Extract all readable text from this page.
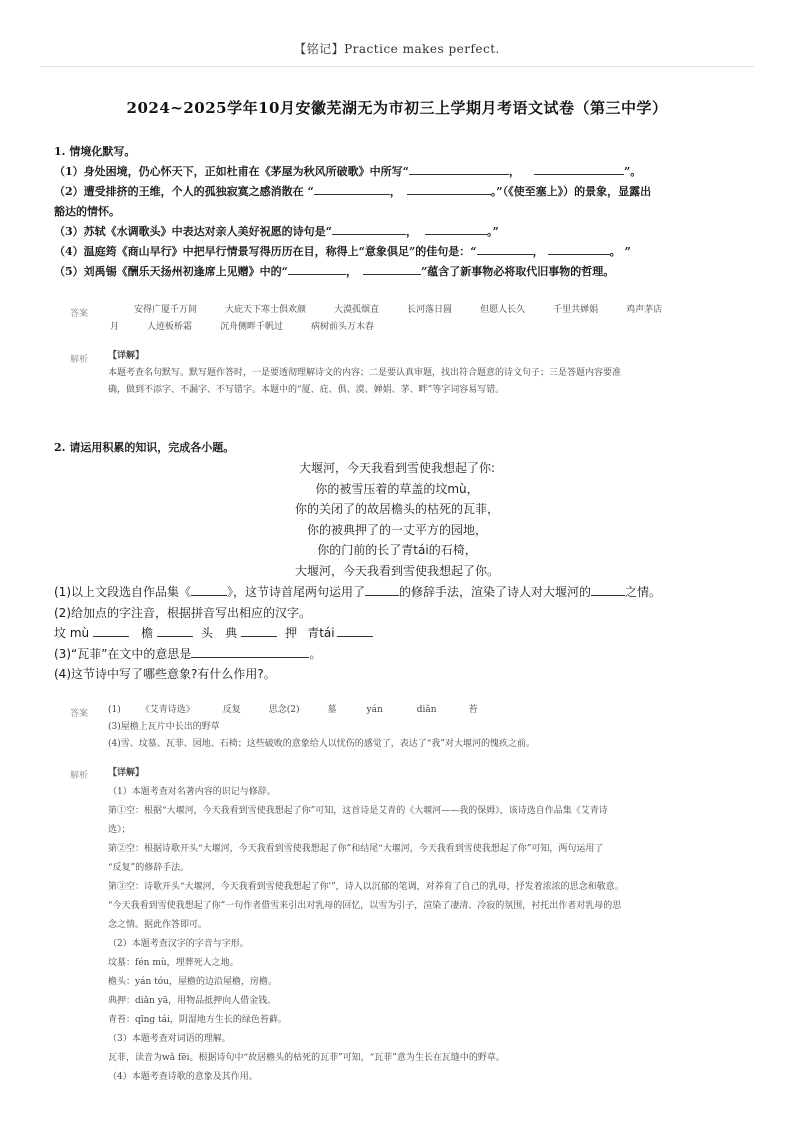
【铭记】Practice makes perfect.
2024~2025学年10月安徽芜湖无为市初三上学期月考语文试卷（第三中学）
1. 情境化默写。
（1）身处困境，仍心怀天下，正如杜甫在《茅屋为秋风所破歌》中所写“	，	”。
（2）遭受排挤的王维，个人的孤独寂寞之感消散在 “	，	。”（《使至塞上》）的景象，显露出
豁达的情怀。
（3）苏轼《水调歌头》中表达对亲人美好祝愿的诗句是“	，	。”
（4）温庭筠《商山早行》中把早行情景写得历历在目，称得上“意象俱足”的佳句是：“	，	。 ”
（5）刘禹锡《酬乐天扬州初逢席上见赠》中的“	，	”蕴含了新事物必将取代旧事物的哲理。
答案	安得广厦千万间	大庇天下寒士俱欢颜	大漠孤烟直	长河落日圆	但愿人长久	千里共婵娟	鸡声茅店
月	人迹板桥霜	沉舟侧畔千帆过	病树前头万木春
解析 【详解】
本题考查名句默写。默写题作答时，一是要透彻理解诗文的内容；二是要认真审题，找出符合题意的诗文句子；三是答题内容要准
确，做到不添字、不漏字、不写错字。本题中的“厦、庇、俱、漠、婵娟、茅、畔”等字词容易写错。
2. 请运用积累的知识，完成各小题。
大堰河，今天我看到雪使我想起了你:
你的被雪压着的草盖的坟mù，
你的关闭了的故居檐头的枯死的瓦菲，
你的被典押了的一丈平方的园地，
你的门前的长了青tái的石椅，
大堰河，今天我看到雪使我想起了你。
(1)以上文段选自作品集《	》，这节诗首尾两句运用了	的修辞手法，渲染了诗人对大堰河的	之情。
(2)给加点的字注音，根据拼音写出相应的汉字。
坟 mù	檐	头 典	押 青tái
(3)“瓦菲”在文中的意思是	。
(4)这节诗中写了哪些意象?有什么作用?。
答案 (1) 《艾青诗选》	反复	思念(2)	墓	yán	diǎn	苔
(3)屋檐上瓦片中长出的野草
(4)雪、坟墓、瓦菲、园地、石椅；这些破败的意象给人以忧伤的感觉了，表达了“我”对大堰河的愧疚之前。
解析 【详解】
（1）本题考查对名著内容的识记与修辞。
第①空：根据“大堰河，今天我看到雪使我想起了你”可知，这首诗是艾青的《大堰河——我的保姆》，该诗选自作品集《艾青诗
选》；
第②空：根据诗歌开头“大堰河，今天我看到雪使我想起了你”和结尾“大堰河，今天我看到雪使我想起了你”可知，两句运用了
“反复”的修辞手法。
第③空：诗歌开头“大堰河，今天我看到雪使我想起了你'”，诗人以沉郁的笔调，对养育了自己的乳母，抒发着浓浓的思念和敬意。
“今天我看到雪使我想起了你”一句作者借雪来引出对乳母的回忆，以雪为引子，渲染了凄清、冷寂的氛围，衬托出作者对乳母的思
念之情。据此作答即可。
（2）本题考查汉字的字音与字形。
坟墓：fén mù，埋葬死人之地。
檐头：yán tóu，屋檐的边沿屋檐，房檐。
典押：diǎn yā，用物品抵押向人借金钱。
青苔：qīng tái，阴湿地方生长的绿色苔藓。
（3）本题考查对词语的理解。
瓦菲，读音为wǎ fēi。根据诗句中“故居檐头的枯死的瓦菲”可知，“瓦菲”意为生长在瓦缝中的野草。
（4）本题考查诗歌的意象及其作用。
